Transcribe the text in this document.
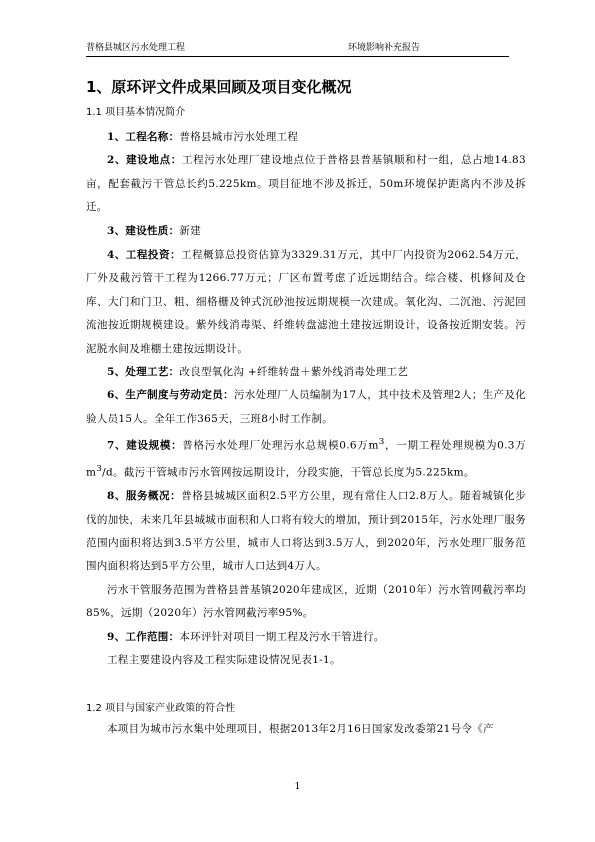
普格县城区污水处理工程	环境影响补充报告
1、原环评文件成果回顾及项目变化概况
1.1 项目基本情况简介

1、工程名称：普格县城市污水处理工程

2、建设地点：工程污水处理厂建设地点位于普格县普基镇顺和村一组，总占地14.83亩，配套截污干管总长约5.225km。项目征地不涉及拆迁，50m环境保护距离内不涉及拆迁。

3、建设性质：新建

4、工程投资：工程概算总投资估算为3329.31万元，其中厂内投资为2062.54万元，厂外及截污管干工程为1266.77万元；厂区布置考虑了近远期结合。综合楼、机修间及仓库、大门和门卫、粗、细格栅及钟式沉砂池按远期规模一次建成。氧化沟、二沉池、污泥回流池按近期规模建设。紫外线消毒渠、纤维转盘滤池土建按远期设计，设备按近期安装。污泥脱水间及堆棚土建按远期设计。

5、处理工艺：改良型氧化沟 +纤维转盘＋紫外线消毒处理工艺

6、生产制度与劳动定员：污水处理厂人员编制为17人，其中技术及管理2人；生产及化验人员15人。全年工作365天，三班8小时工作制。

7、建设规模：普格污水处理厂处理污水总规模0.6万$m^3$，一期工程处理规模为0.3万$m^3/d$。截污干管城市污水管网按远期设计，分段实施，干管总长度为5.225km。

8、服务概况：普格县城城区面积2.5平方公里，现有常住人口2.8万人。随着城镇化步伐的加快，未来几年县城城市面积和人口将有较大的增加，预计到2015年，污水处理厂服务范围内面积将达到3.5平方公里，城市人口将达到3.5万人，到2020年，污水处理厂服务范围内面积将达到5平方公里，城市人口达到4万人。

污水干管服务范围为普格县普基镇2020年建成区，近期（2010年）污水管网截污率均85%，远期（2020年）污水管网截污率95%。

9、工作范围：本环评针对项目一期工程及污水干管进行。

工程主要建设内容及工程实际建设情况见表1-1。

1.2 项目与国家产业政策的符合性

本项目为城市污水集中处理项目，根据2013年2月16日国家发改委第21号令《产

1
